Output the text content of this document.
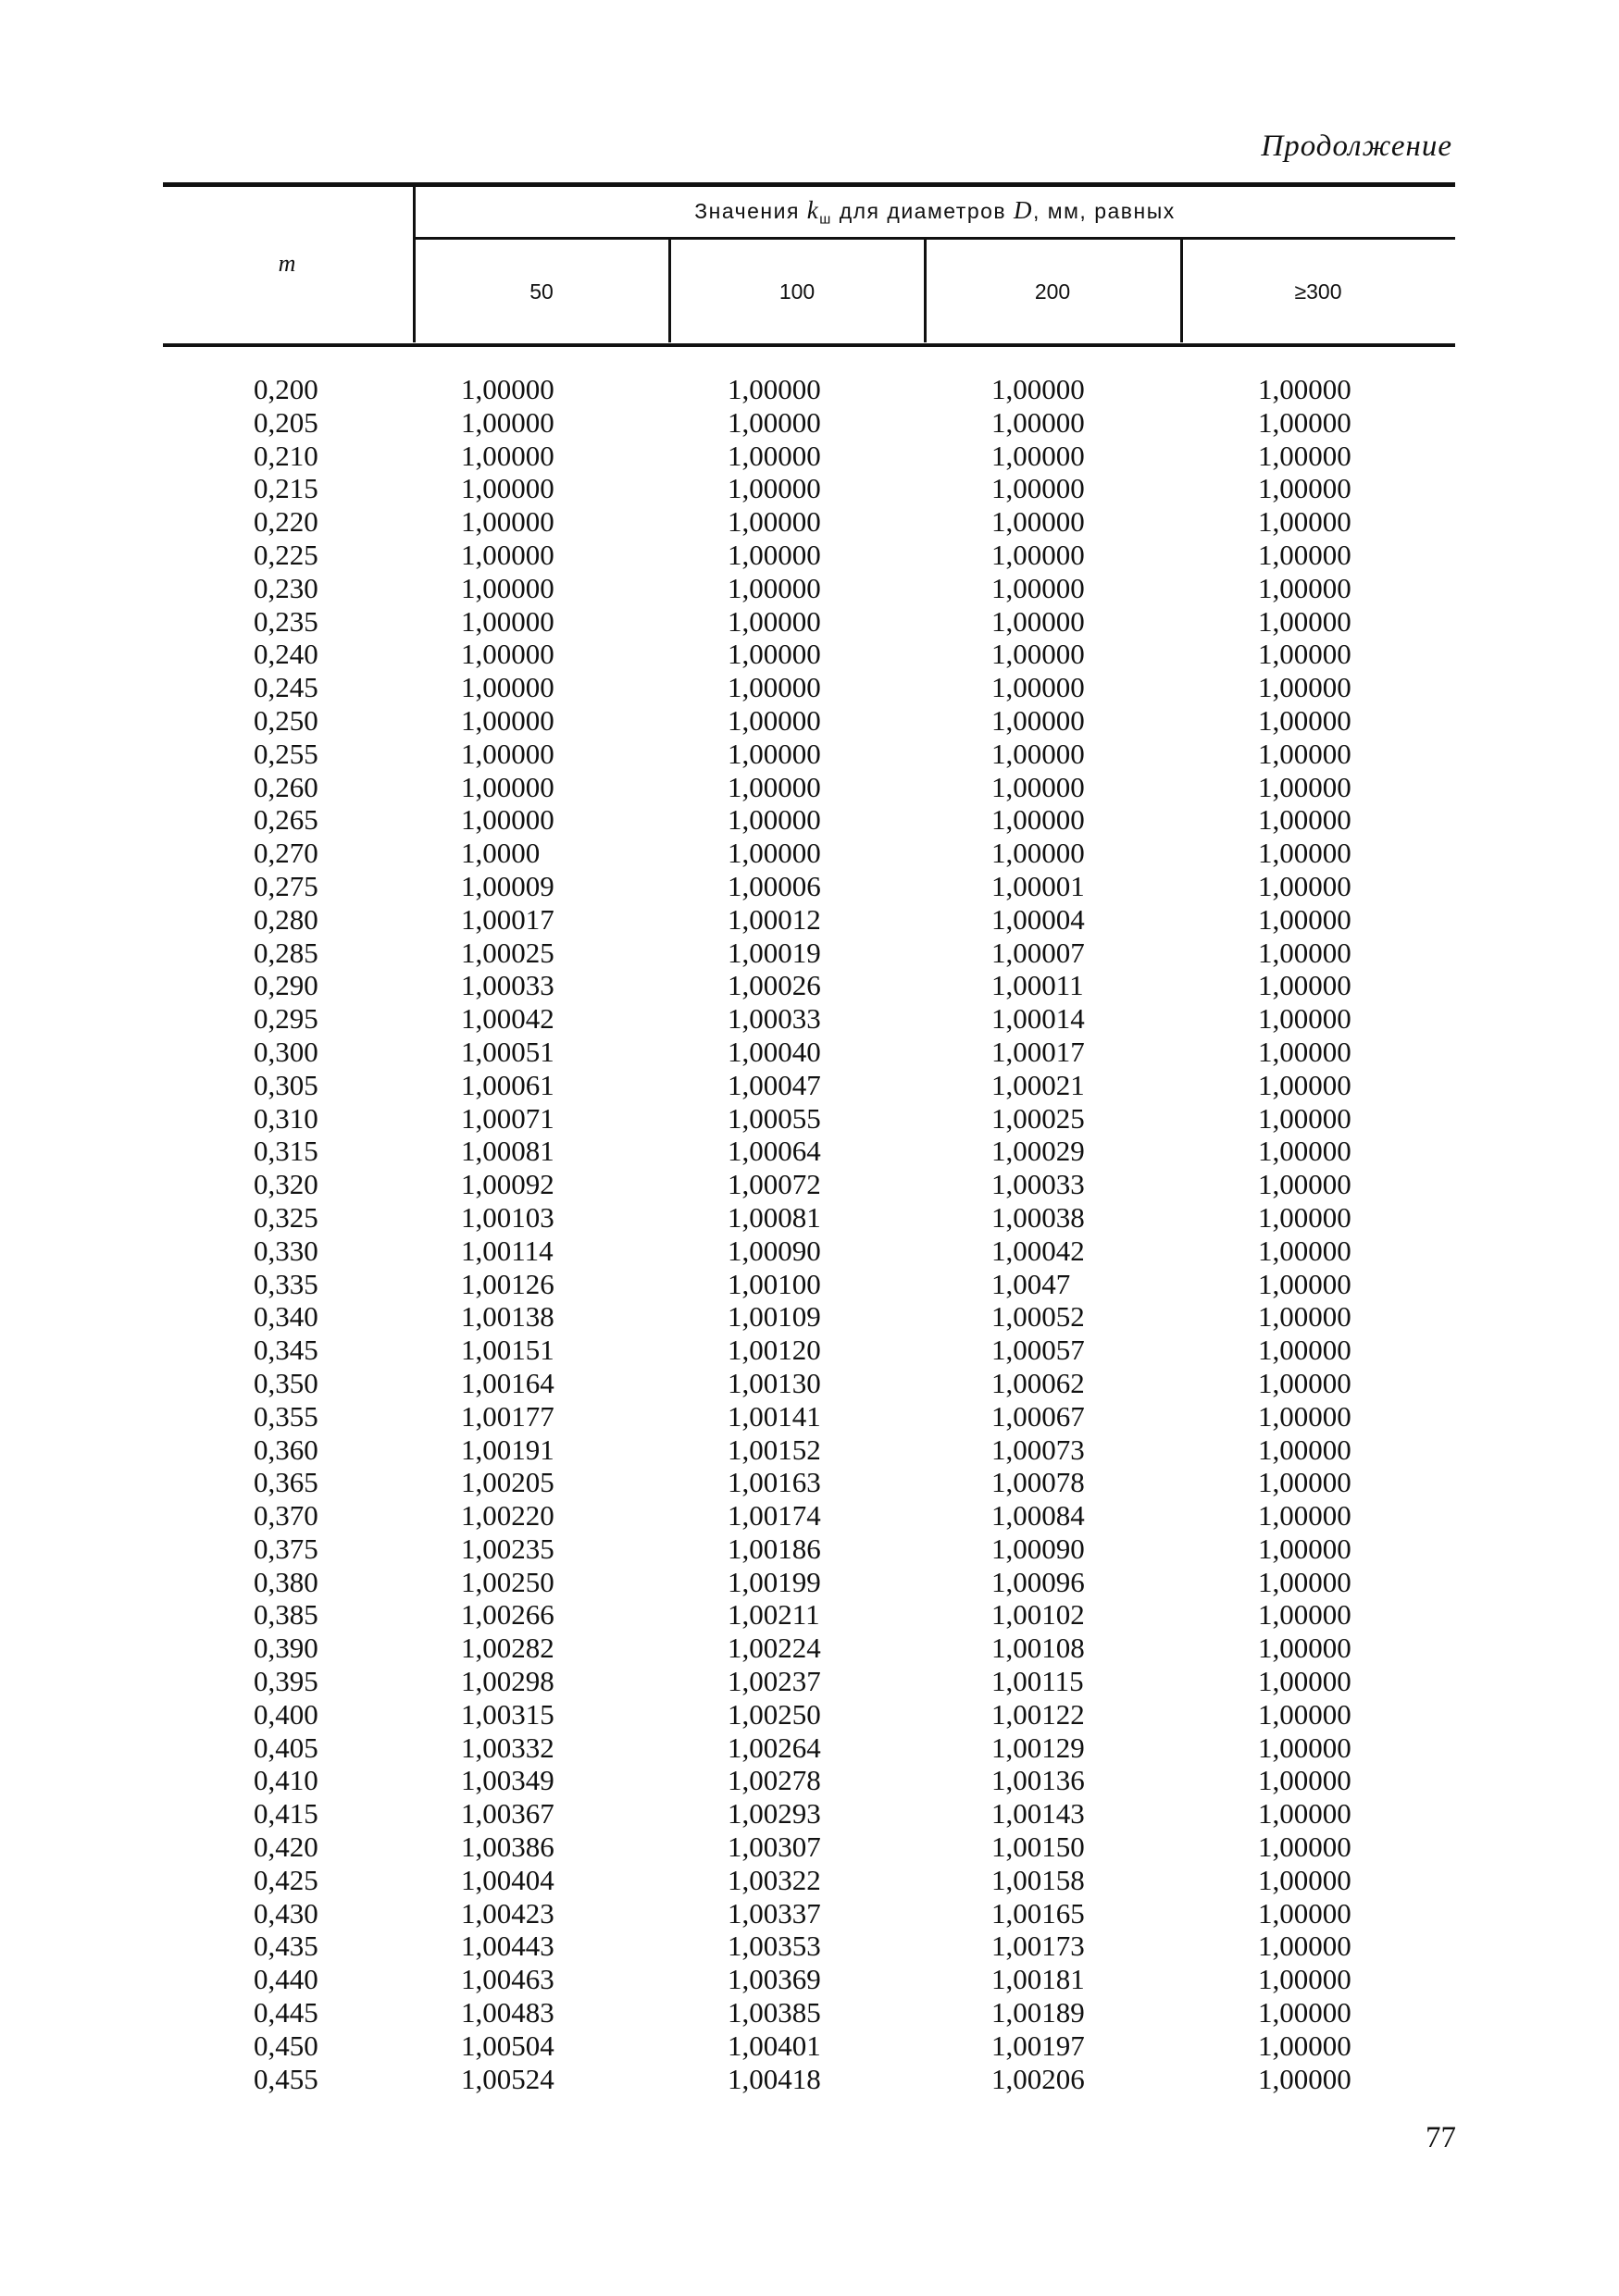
Продолжение
m
Значения $k_ш$ для диаметров D, мм, равных
50	100	200	≥300
0,200	1,00000	1,00000	1,00000	1,00000
0,205	1,00000	1,00000	1,00000	1,00000
0,210	1,00000	1,00000	1,00000	1,00000
0,215	1,00000	1,00000	1,00000	1,00000
0,220	1,00000	1,00000	1,00000	1,00000
0,225	1,00000	1,00000	1,00000	1,00000
0,230	1,00000	1,00000	1,00000	1,00000
0,235	1,00000	1,00000	1,00000	1,00000
0,240	1,00000	1,00000	1,00000	1,00000
0,245	1,00000	1,00000	1,00000	1,00000
0,250	1,00000	1,00000	1,00000	1,00000
0,255	1,00000	1,00000	1,00000	1,00000
0,260	1,00000	1,00000	1,00000	1,00000
0,265	1,00000	1,00000	1,00000	1,00000
0,270	1,0000	1,00000	1,00000	1,00000
0,275	1,00009	1,00006	1,00001	1,00000
0,280	1,00017	1,00012	1,00004	1,00000
0,285	1,00025	1,00019	1,00007	1,00000
0,290	1,00033	1,00026	1,00011	1,00000
0,295	1,00042	1,00033	1,00014	1,00000
0,300	1,00051	1,00040	1,00017	1,00000
0,305	1,00061	1,00047	1,00021	1,00000
0,310	1,00071	1,00055	1,00025	1,00000
0,315	1,00081	1,00064	1,00029	1,00000
0,320	1,00092	1,00072	1,00033	1,00000
0,325	1,00103	1,00081	1,00038	1,00000
0,330	1,00114	1,00090	1,00042	1,00000
0,335	1,00126	1,00100	1,0047	1,00000
0,340	1,00138	1,00109	1,00052	1,00000
0,345	1,00151	1,00120	1,00057	1,00000
0,350	1,00164	1,00130	1,00062	1,00000
0,355	1,00177	1,00141	1,00067	1,00000
0,360	1,00191	1,00152	1,00073	1,00000
0,365	1,00205	1,00163	1,00078	1,00000
0,370	1,00220	1,00174	1,00084	1,00000
0,375	1,00235	1,00186	1,00090	1,00000
0,380	1,00250	1,00199	1,00096	1,00000
0,385	1,00266	1,00211	1,00102	1,00000
0,390	1,00282	1,00224	1,00108	1,00000
0,395	1,00298	1,00237	1,00115	1,00000
0,400	1,00315	1,00250	1,00122	1,00000
0,405	1,00332	1,00264	1,00129	1,00000
0,410	1,00349	1,00278	1,00136	1,00000
0,415	1,00367	1,00293	1,00143	1,00000
0,420	1,00386	1,00307	1,00150	1,00000
0,425	1,00404	1,00322	1,00158	1,00000
0,430	1,00423	1,00337	1,00165	1,00000
0,435	1,00443	1,00353	1,00173	1,00000
0,440	1,00463	1,00369	1,00181	1,00000
0,445	1,00483	1,00385	1,00189	1,00000
0,450	1,00504	1,00401	1,00197	1,00000
0,455	1,00524	1,00418	1,00206	1,00000
77
